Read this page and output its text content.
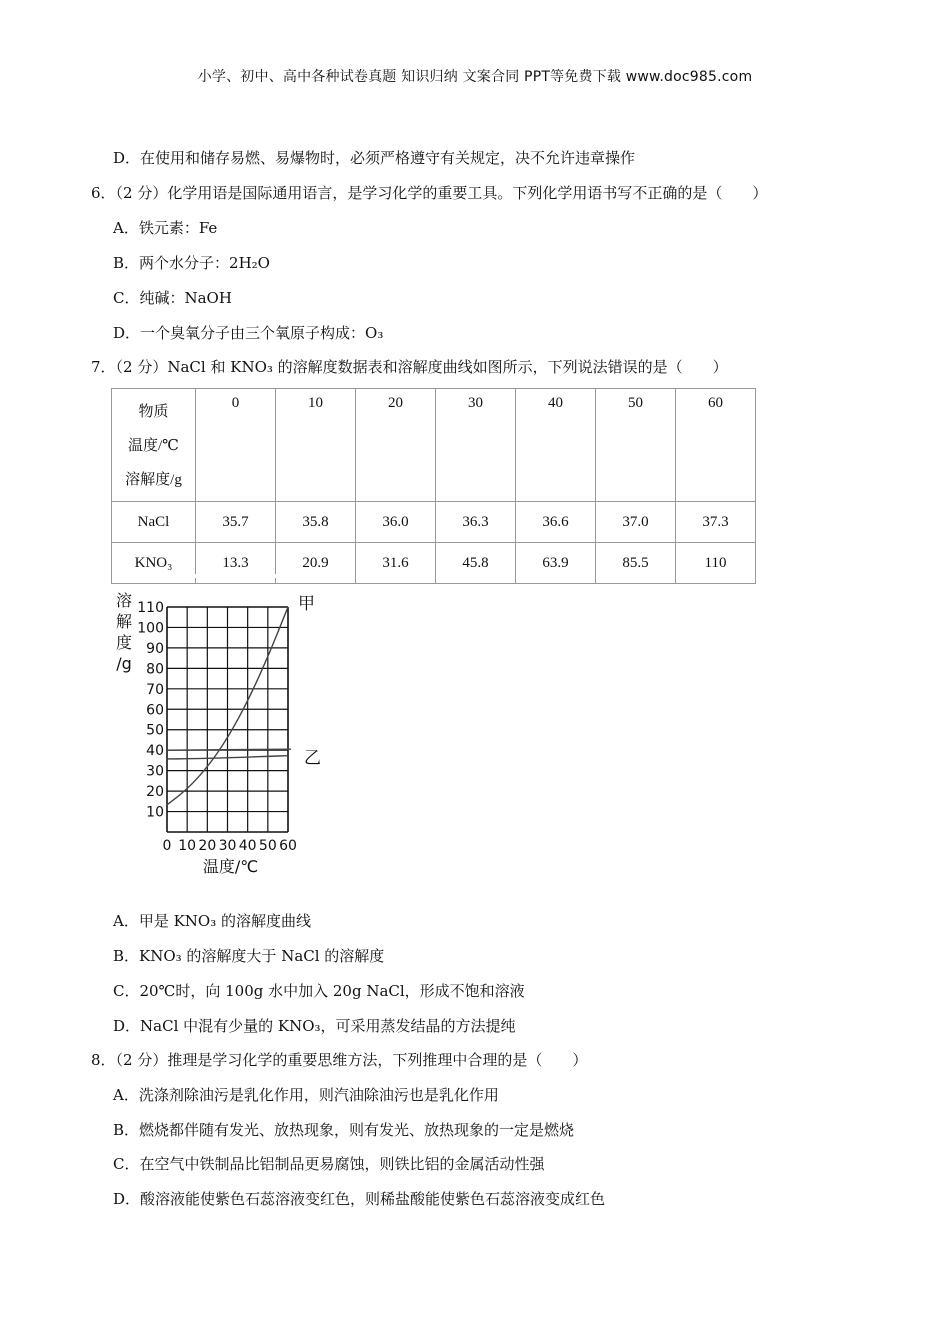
小学、初中、高中各种试卷真题 知识归纳 文案合同 PPT等免费下载 www.doc985.com
D．在使用和储存易燃、易爆物时，必须严格遵守有关规定，决不允许违章操作
6．（2 分）化学用语是国际通用语言，是学习化学的重要工具。下列化学用语书写不正确的是（　　）
A．铁元素：Fe
B．两个水分子：2H₂O
C．纯碱：NaOH
D．一个臭氧分子由三个氧原子构成：O₃
7．（2 分）NaCl 和 KNO₃ 的溶解度数据表和溶解度曲线如图所示，下列说法错误的是（　　）
物质
温度/℃
溶解度/g	0	10	20	30	40	50	60
NaCl	35.7	35.8	36.0	36.3	36.6	37.0	37.3
KNO₃	13.3	20.9	31.6	45.8	63.9	85.5	110
10
20
30
40
50
60
70
80
90
100
110
0 10 20 30 40 50 60
溶
解
度
/g
温度/℃
甲
乙
A．甲是 KNO₃ 的溶解度曲线
B．KNO₃ 的溶解度大于 NaCl 的溶解度
C．20℃时，向 100g 水中加入 20g NaCl，形成不饱和溶液
D．NaCl 中混有少量的 KNO₃，可采用蒸发结晶的方法提纯
8．（2 分）推理是学习化学的重要思维方法，下列推理中合理的是（　　）
A．洗涤剂除油污是乳化作用，则汽油除油污也是乳化作用
B．燃烧都伴随有发光、放热现象，则有发光、放热现象的一定是燃烧
C．在空气中铁制品比铝制品更易腐蚀，则铁比铝的金属活动性强
D．酸溶液能使紫色石蕊溶液变红色，则稀盐酸能使紫色石蕊溶液变成红色
